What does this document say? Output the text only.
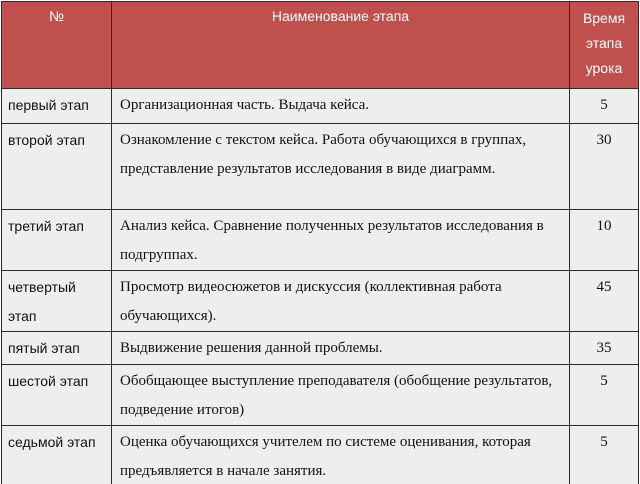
№	Наименование этапа	Время
этапа
урока

первый этап	Организационная часть. Выдача кейса.	5
второй этап	Ознакомление с текстом кейса. Работа обучающихся в группах, представление результатов исследования в виде диаграмм.	30
третий этап	Анализ кейса. Сравнение полученных результатов исследования в подгруппах.	10
четвертый этап	Просмотр видеосюжетов и дискуссия (коллективная работа обучающихся).	45
пятый этап	Выдвижение решения данной проблемы.	35
шестой этап	Обобщающее выступление преподавателя (обобщение результатов, подведение итогов)	5
седьмой этап	Оценка обучающихся учителем по системе оценивания, которая предъявляется в начале занятия.	5
